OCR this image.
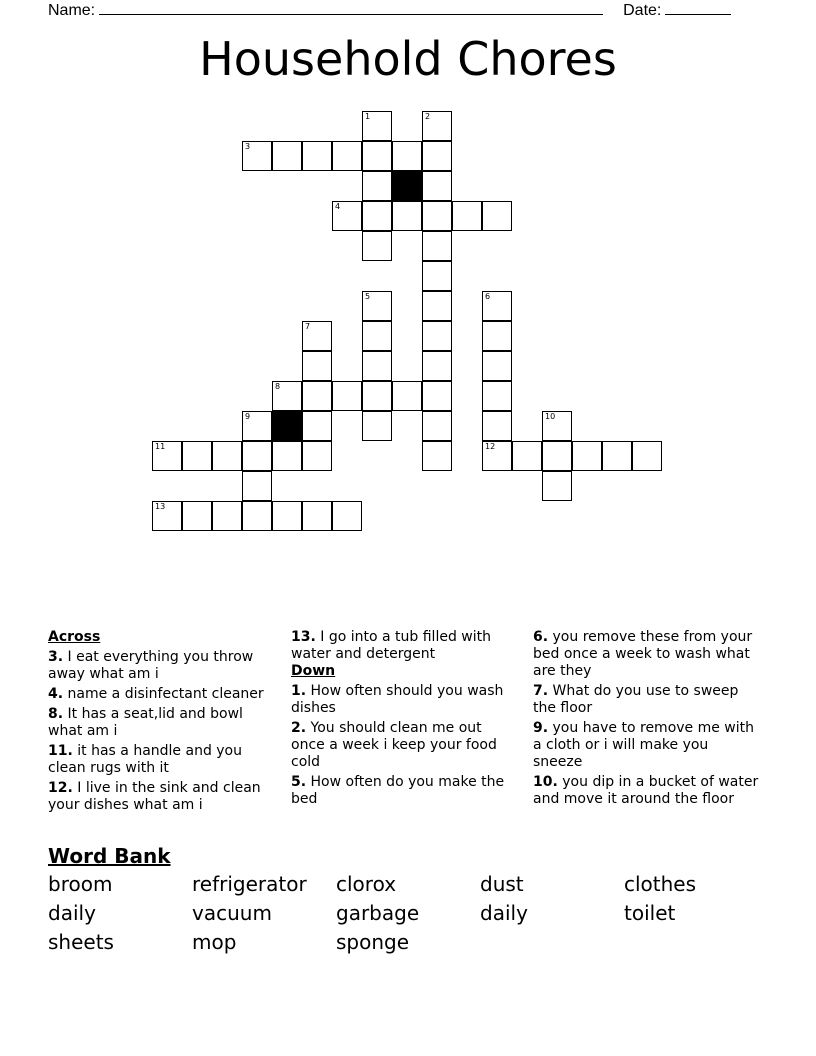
Name:	Date:
Household Chores
3
4
8
11	12
13
1	2
5	6
7
9	10
Across
3. I eat everything you throw away what am i
4. name a disinfectant cleaner
8. It has a seat,lid and bowl what am i
11. it has a handle and you clean rugs with it
12. I live in the sink and clean your dishes what am i
13. I go into a tub filled with water and detergent
Down
1. How often should you wash dishes
2. You should clean me out once a week i keep your food cold
5. How often do you make the bed
6. you remove these from your bed once a week to wash what are they
7. What do you use to sweep the floor
9. you have to remove me with a cloth or i will make you sneeze
10. you dip in a bucket of water and move it around the floor
Word Bank
broom	refrigerator	clorox	dust	clothes
daily	vacuum	garbage	daily	toilet
sheets	mop	sponge
